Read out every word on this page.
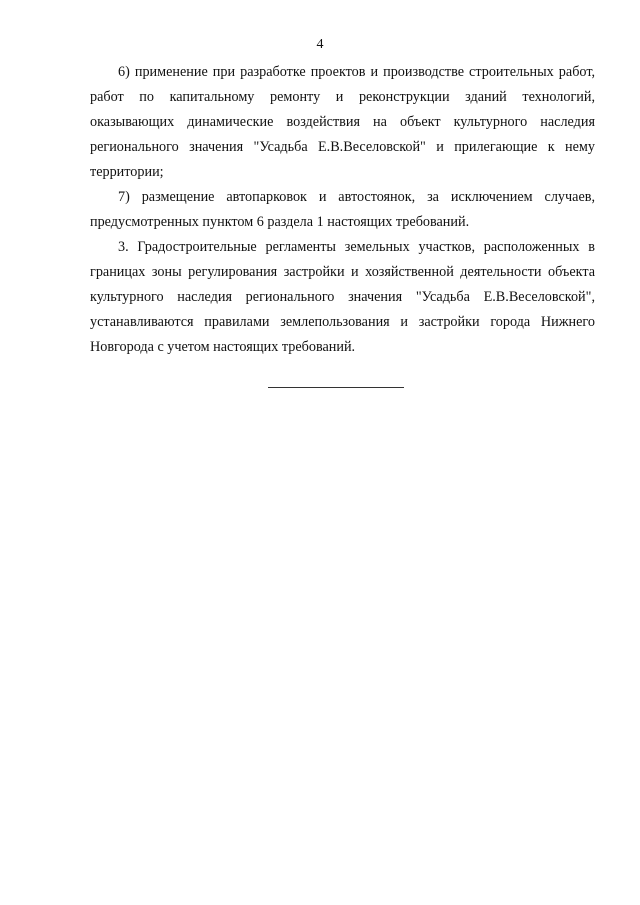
4

6) применение при разработке проектов и производстве строительных работ, работ по капитальному ремонту и реконструкции зданий технологий, оказывающих динамические воздействия на объект культурного наследия регионального значения "Усадьба Е.В.Веселовской" и прилегающие к нему территории;

7) размещение автопарковок и автостоянок, за исключением случаев, предусмотренных пунктом 6 раздела 1 настоящих требований.

3. Градостроительные регламенты земельных участков, расположенных в границах зоны регулирования застройки и хозяйственной деятельности объекта культурного наследия регионального значения "Усадьба Е.В.Веселовской", устанавливаются правилами землепользования и застройки города Нижнего Новгорода с учетом настоящих требований.
